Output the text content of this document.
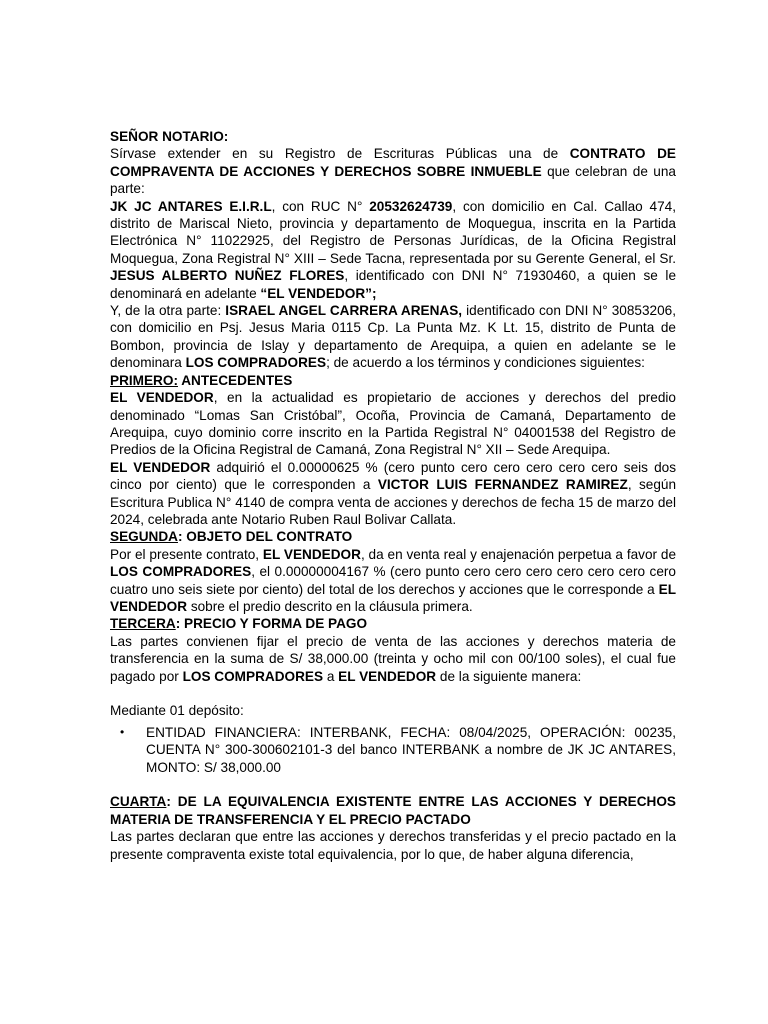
SEÑOR NOTARIO:

Sírvase extender en su Registro de Escrituras Públicas una de CONTRATO DE COMPRAVENTA DE ACCIONES Y DERECHOS SOBRE INMUEBLE que celebran de una parte:

JK JC ANTARES E.I.R.L, con RUC N° 20532624739, con domicilio en Cal. Callao 474, distrito de Mariscal Nieto, provincia y departamento de Moquegua, inscrita en la Partida Electrónica N° 11022925, del Registro de Personas Jurídicas, de la Oficina Registral Moquegua, Zona Registral N° XIII – Sede Tacna, representada por su Gerente General, el Sr. JESUS ALBERTO NUÑEZ FLORES, identificado con DNI N° 71930460, a quien se le denominará en adelante “EL VENDEDOR”;

Y, de la otra parte: ISRAEL ANGEL CARRERA ARENAS, identificado con DNI N° 30853206, con domicilio en Psj. Jesus Maria 0115 Cp. La Punta Mz. K Lt. 15, distrito de Punta de Bombon, provincia de Islay y departamento de Arequipa, a quien en adelante se le denominara LOS COMPRADORES; de acuerdo a los términos y condiciones siguientes:

PRIMERO: ANTECEDENTES

EL VENDEDOR, en la actualidad es propietario de acciones y derechos del predio denominado “Lomas San Cristóbal”, Ocoña, Provincia de Camaná, Departamento de Arequipa, cuyo dominio corre inscrito en la Partida Registral N° 04001538 del Registro de Predios de la Oficina Registral de Camaná, Zona Registral N° XII – Sede Arequipa.

EL VENDEDOR adquirió el 0.00000625 % (cero punto cero cero cero cero cero seis dos cinco por ciento) que le corresponden a VICTOR LUIS FERNANDEZ RAMIREZ, según Escritura Publica N° 4140 de compra venta de acciones y derechos de fecha 15 de marzo del 2024, celebrada ante Notario Ruben Raul Bolivar Callata.

SEGUNDA: OBJETO DEL CONTRATO

Por el presente contrato, EL VENDEDOR, da en venta real y enajenación perpetua a favor de LOS COMPRADORES, el 0.00000004167 % (cero punto cero cero cero cero cero cero cero cuatro uno seis siete por ciento) del total de los derechos y acciones que le corresponde a EL VENDEDOR sobre el predio descrito en la cláusula primera.

TERCERA: PRECIO Y FORMA DE PAGO

Las partes convienen fijar el precio de venta de las acciones y derechos materia de transferencia en la suma de S/ 38,000.00 (treinta y ocho mil con 00/100 soles), el cual fue pagado por LOS COMPRADORES a EL VENDEDOR de la siguiente manera:

Mediante 01 depósito:

•	ENTIDAD FINANCIERA: INTERBANK, FECHA: 08/04/2025, OPERACIÓN: 00235, CUENTA N° 300-300602101-3 del banco INTERBANK a nombre de JK JC ANTARES, MONTO: S/ 38,000.00

CUARTA: DE LA EQUIVALENCIA EXISTENTE ENTRE LAS ACCIONES Y DERECHOS MATERIA DE TRANSFERENCIA Y EL PRECIO PACTADO

Las partes declaran que entre las acciones y derechos transferidas y el precio pactado en la presente compraventa existe total equivalencia, por lo que, de haber alguna diferencia,
